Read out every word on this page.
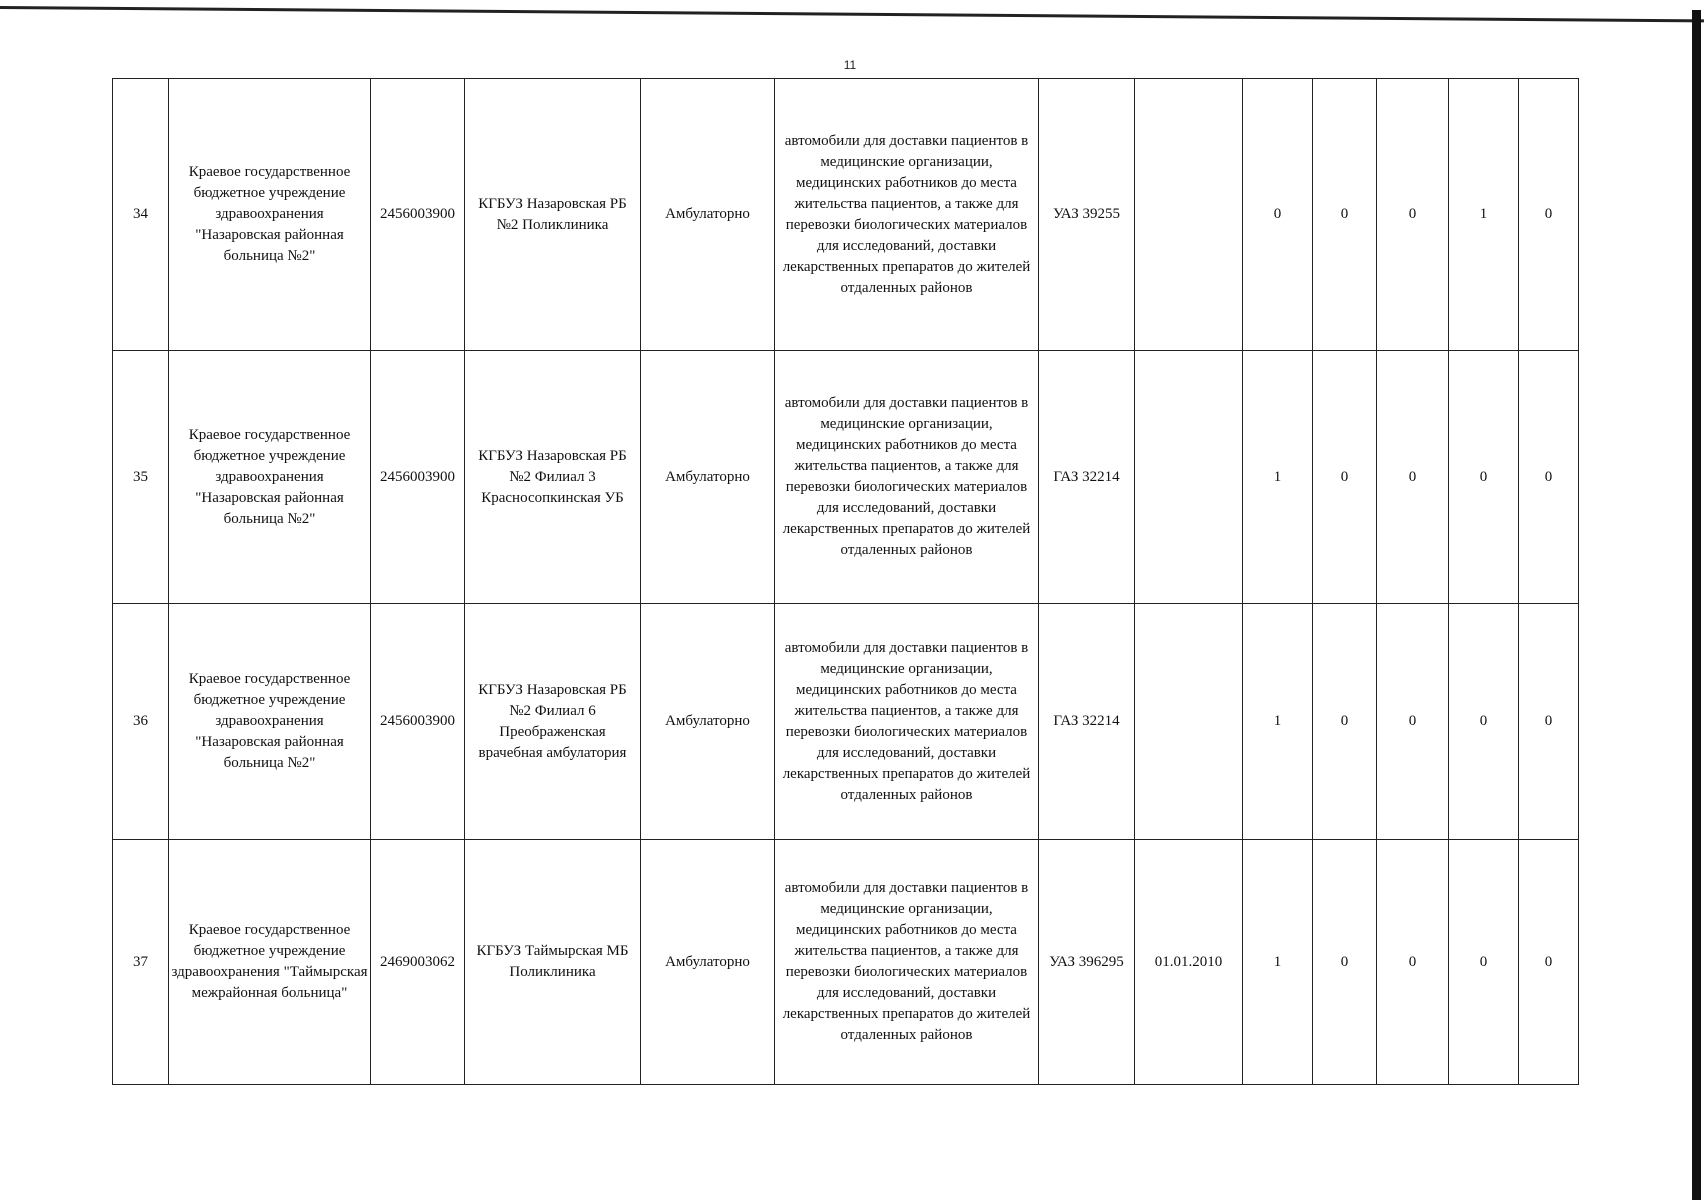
11
34	Краевое государственное бюджетное учреждение здравоохранения "Назаровская районная больница №2"	2456003900	КГБУЗ Назаровская РБ №2 Поликлиника	Амбулаторно	автомобили для доставки пациентов в медицинские организации, медицинских работников до места жительства пациентов, а также для перевозки биологических материалов для исследований, доставки лекарственных препаратов до жителей отдаленных районов	УАЗ 39255		0	0	0	1	0
35	Краевое государственное бюджетное учреждение здравоохранения "Назаровская районная больница №2"	2456003900	КГБУЗ Назаровская РБ №2 Филиал 3 Красносопкинская УБ	Амбулаторно	автомобили для доставки пациентов в медицинские организации, медицинских работников до места жительства пациентов, а также для перевозки биологических материалов для исследований, доставки лекарственных препаратов до жителей отдаленных районов	ГАЗ 32214		1	0	0	0	0
36	Краевое государственное бюджетное учреждение здравоохранения "Назаровская районная больница №2"	2456003900	КГБУЗ Назаровская РБ №2 Филиал 6 Преображенская врачебная амбулатория	Амбулаторно	автомобили для доставки пациентов в медицинские организации, медицинских работников до места жительства пациентов, а также для перевозки биологических материалов для исследований, доставки лекарственных препаратов до жителей отдаленных районов	ГАЗ 32214		1	0	0	0	0
37	Краевое государственное бюджетное учреждение здравоохранения "Таймырская межрайонная больница"	2469003062	КГБУЗ Таймырская МБ Поликлиника	Амбулаторно	автомобили для доставки пациентов в медицинские организации, медицинских работников до места жительства пациентов, а также для перевозки биологических материалов для исследований, доставки лекарственных препаратов до жителей отдаленных районов	УАЗ 396295	01.01.2010	1	0	0	0	0
